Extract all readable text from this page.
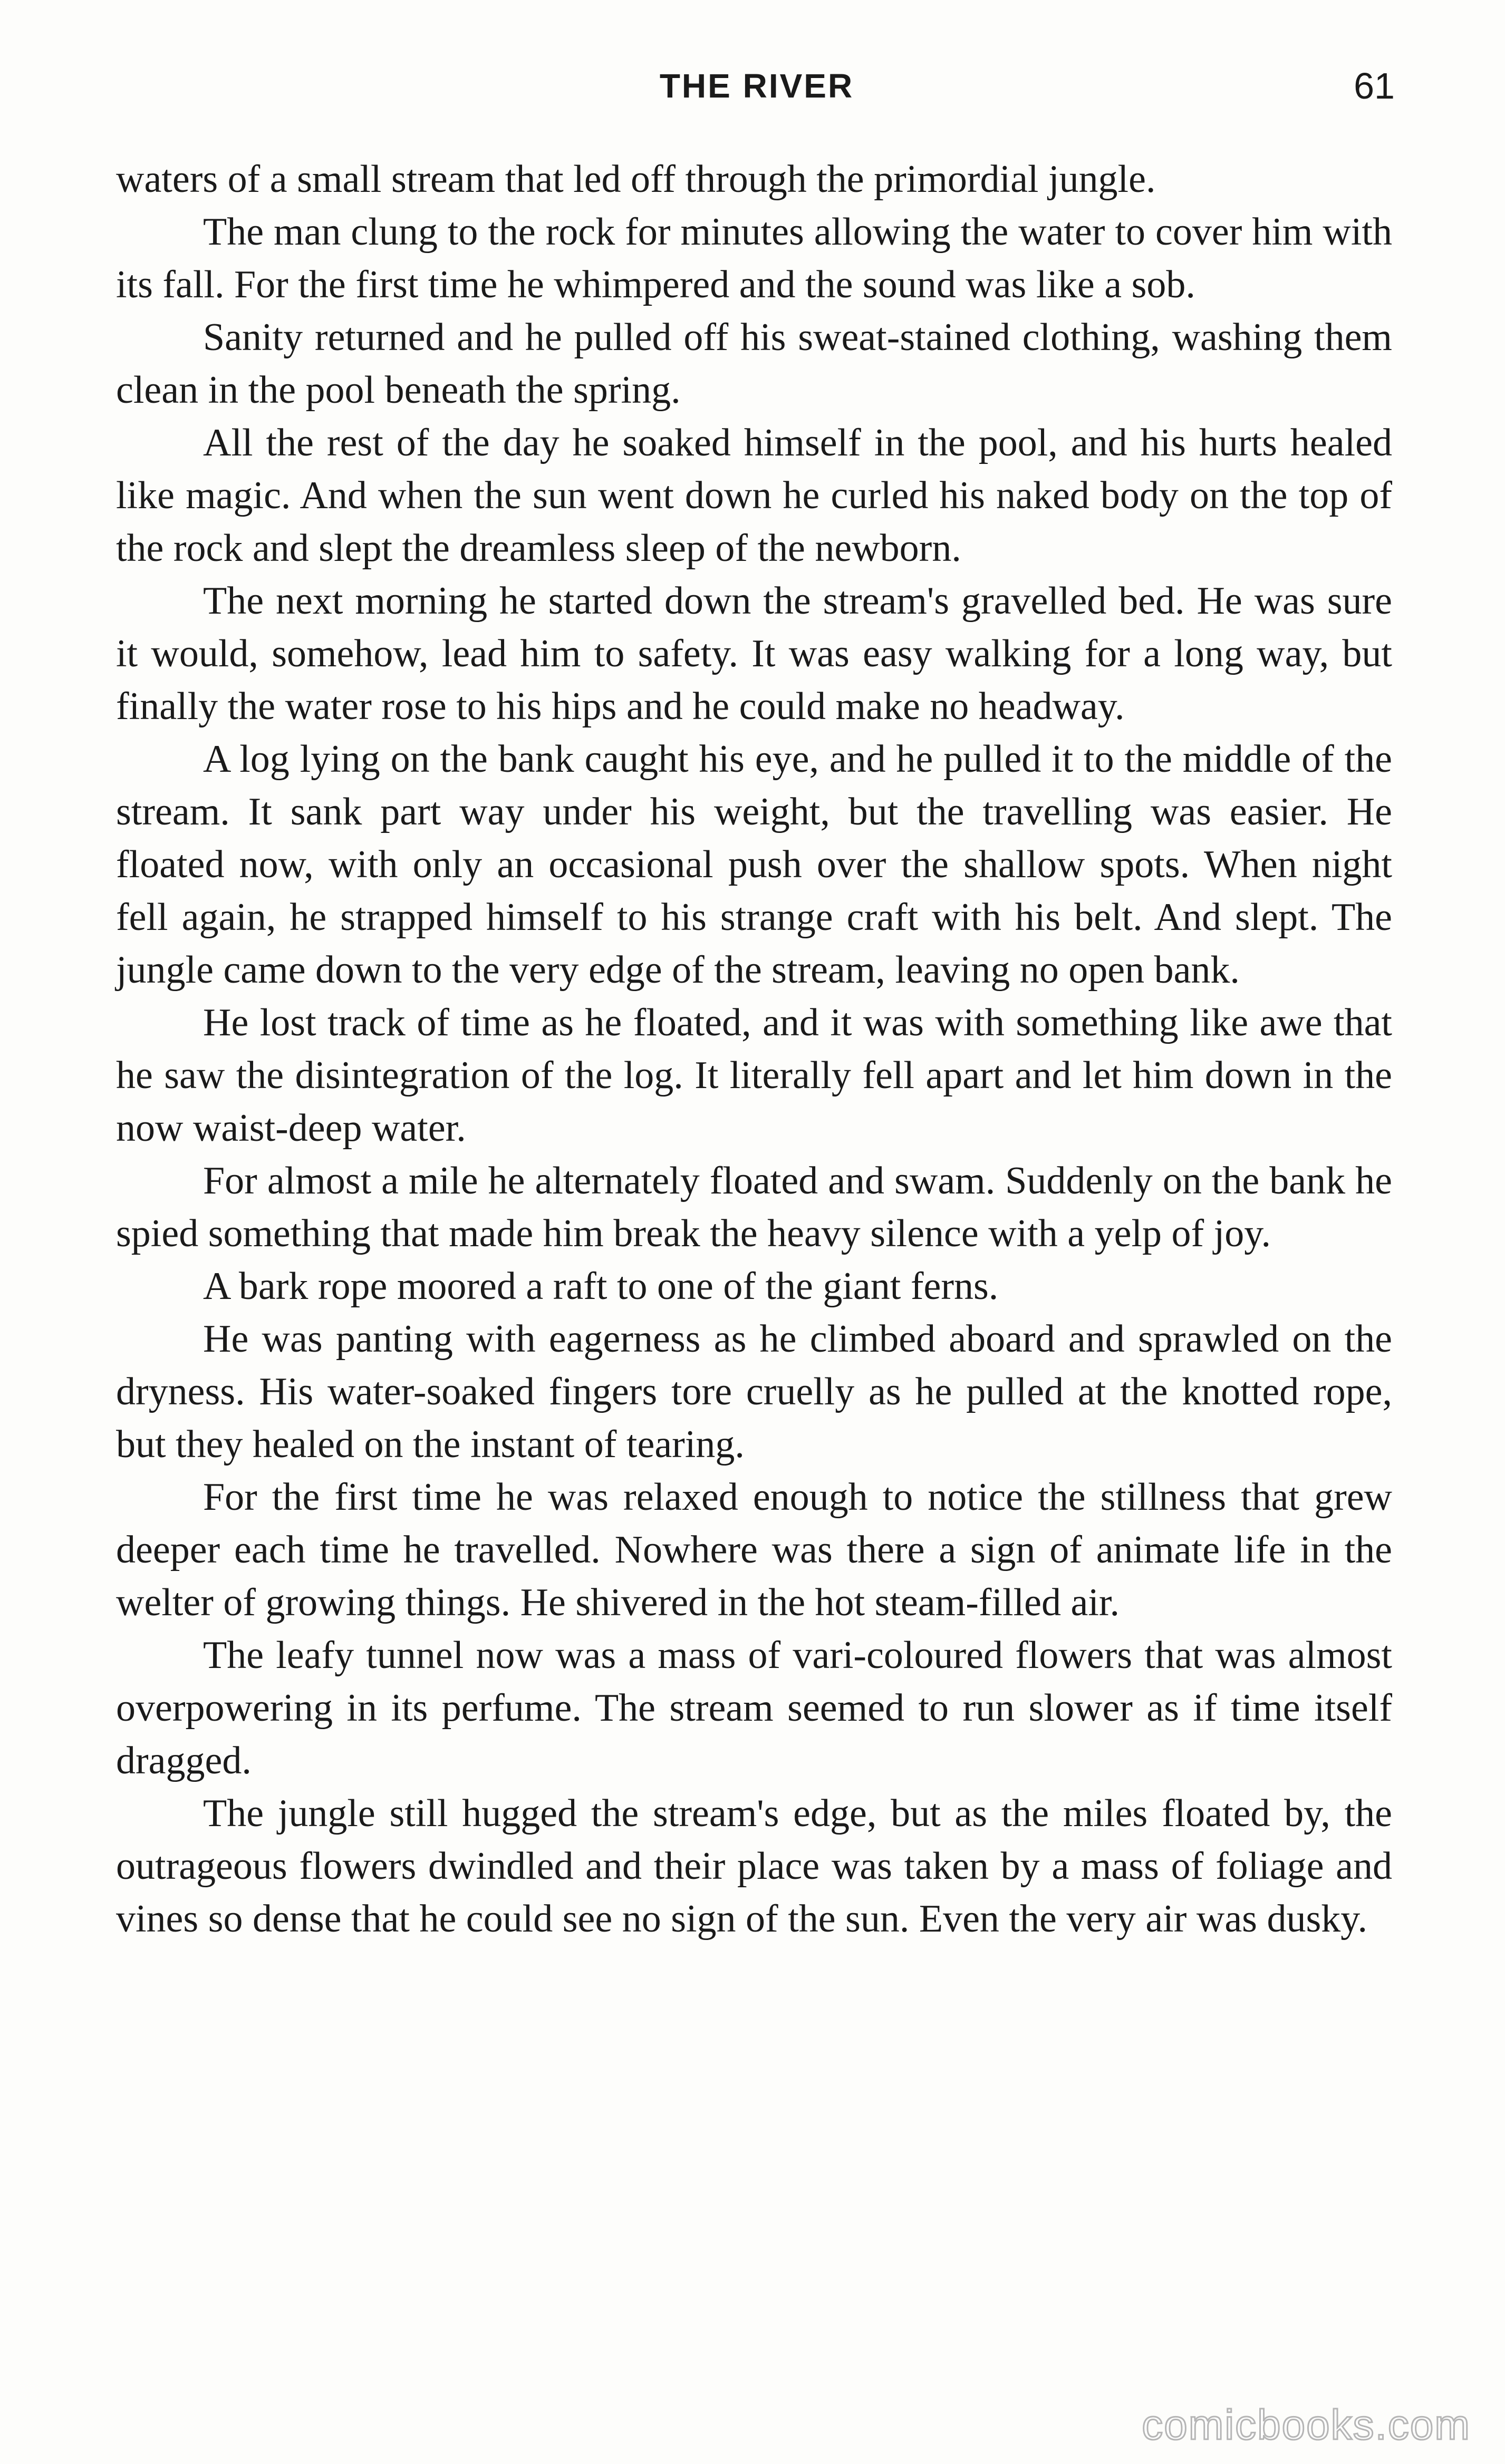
THE RIVER	61

waters of a small stream that led off through the primordial jungle.

The man clung to the rock for minutes allowing the water to cover him with its fall. For the first time he whimpered and the sound was like a sob.

Sanity returned and he pulled off his sweat-stained clothing, washing them clean in the pool beneath the spring.

All the rest of the day he soaked himself in the pool, and his hurts healed like magic. And when the sun went down he curled his naked body on the top of the rock and slept the dreamless sleep of the newborn.

The next morning he started down the stream's gravelled bed. He was sure it would, somehow, lead him to safety. It was easy walking for a long way, but finally the water rose to his hips and he could make no headway.

A log lying on the bank caught his eye, and he pulled it to the middle of the stream. It sank part way under his weight, but the travelling was easier. He floated now, with only an occasional push over the shallow spots. When night fell again, he strapped himself to his strange craft with his belt. And slept. The jungle came down to the very edge of the stream, leaving no open bank.

He lost track of time as he floated, and it was with something like awe that he saw the disintegration of the log. It literally fell apart and let him down in the now waist-deep water.

For almost a mile he alternately floated and swam. Suddenly on the bank he spied something that made him break the heavy silence with a yelp of joy.

A bark rope moored a raft to one of the giant ferns.

He was panting with eagerness as he climbed aboard and sprawled on the dryness. His water-soaked fingers tore cruelly as he pulled at the knotted rope, but they healed on the instant of tearing.

For the first time he was relaxed enough to notice the stillness that grew deeper each time he travelled. Nowhere was there a sign of animate life in the welter of growing things. He shivered in the hot steam-filled air.

The leafy tunnel now was a mass of vari-coloured flowers that was almost overpowering in its perfume. The stream seemed to run slower as if time itself dragged.

The jungle still hugged the stream's edge, but as the miles floated by, the outrageous flowers dwindled and their place was taken by a mass of foliage and vines so dense that he could see no sign of the sun. Even the very air was dusky.

comicbooks.com
